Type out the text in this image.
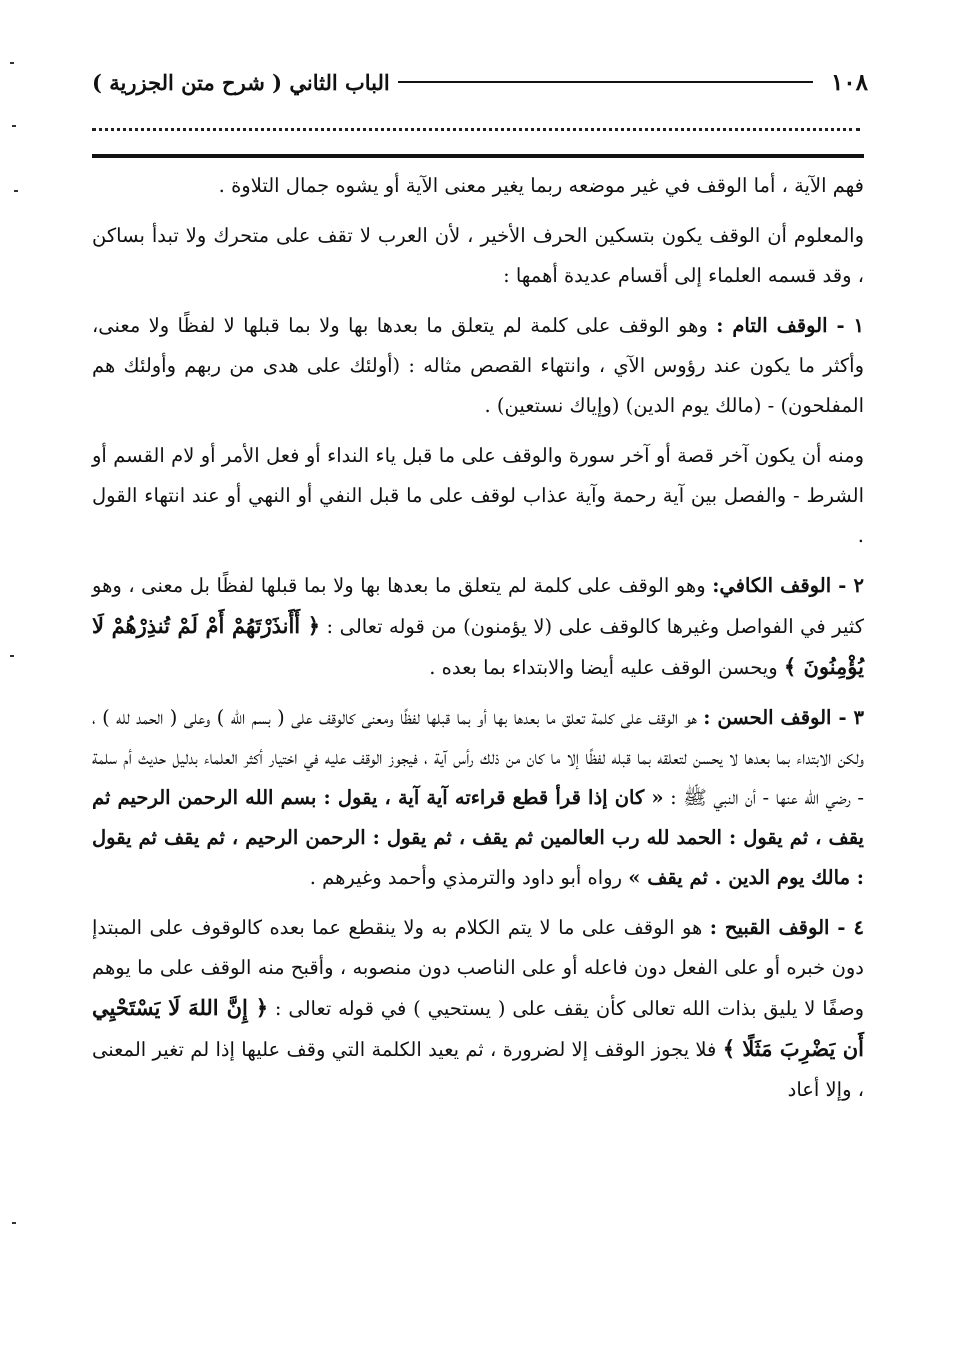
١٠٨
الباب الثاني ( شرح متن الجزرية )

فهم الآية ، أما الوقف في غير موضعه ربما يغير معنى الآية أو يشوه جمال التلاوة .

والمعلوم أن الوقف يكون بتسكين الحرف الأخير ، لأن العرب لا تقف على متحرك ولا تبدأ بساكن ، وقد قسمه العلماء إلى أقسام عديدة أهمها :

١ - الوقف التام : وهو الوقف على كلمة لم يتعلق ما بعدها بها ولا بما قبلها لا لفظًا ولا معنى، وأكثر ما يكون عند رؤوس الآي ، وانتهاء القصص مثاله : (أولئك على هدى من ربهم وأولئك هم المفلحون) - (مالك يوم الدين) (وإياك نستعين) .

ومنه أن يكون آخر قصة أو آخر سورة والوقف على ما قبل ياء النداء أو فعل الأمر أو لام القسم أو الشرط - والفصل بين آية رحمة وآية عذاب لوقف على ما قبل النفي أو النهي أو عند انتهاء القول .

٢ - الوقف الكافي: وهو الوقف على كلمة لم يتعلق ما بعدها بها ولا بما قبلها لفظًا بل معنى ، وهو كثير في الفواصل وغيرها كالوقف على (لا يؤمنون) من قوله تعالى : ﴿ أَأَنذَرْتَهُمْ أَمْ لَمْ تُنذِرْهُمْ لَا يُؤْمِنُونَ ﴾ ويحسن الوقف عليه أيضا والابتداء بما بعده .

٣ - الوقف الحسن : هو الوقف على كلمة تعلق ما بعدها بها أو بما قبلها لفظًا ومعنى كالوقف على ( بسم الله ) وعلى ( الحمد لله ) ، ولكن الابتداء بما بعدها لا يحسن لتعلقه بما قبله لفظًا إلا ما كان من ذلك رأس آية ، فيجوز الوقف عليه في اختيار أكثر العلماء بدليل حديث أم سلمة - رضي الله عنها - أن النبي ﷺ : « كان إذا قرأ قطع قراءته آية آية ، يقول : بسم الله الرحمن الرحيم ثم يقف ، ثم يقول : الحمد لله رب العالمين ثم يقف ، ثم يقول : الرحمن الرحيم ، ثم يقف ثم يقول : مالك يوم الدين . ثم يقف » رواه أبو داود والترمذي وأحمد وغيرهم .

٤ - الوقف القبيح : هو الوقف على ما لا يتم الكلام به ولا ينقطع عما بعده كالوقوف على المبتدإ دون خبره أو على الفعل دون فاعله أو على الناصب دون منصوبه ، وأقبح منه الوقف على ما يوهم وصفًا لا يليق بذات الله تعالى كأن يقف على ( يستحيي ) في قوله تعالى : ﴿ إِنَّ اللهَ لَا يَسْتَحْيِي أَن يَضْرِبَ مَثَلًا ﴾ فلا يجوز الوقف إلا لضرورة ، ثم يعيد الكلمة التي وقف عليها إذا لم تغير المعنى ، وإلا أعاد
